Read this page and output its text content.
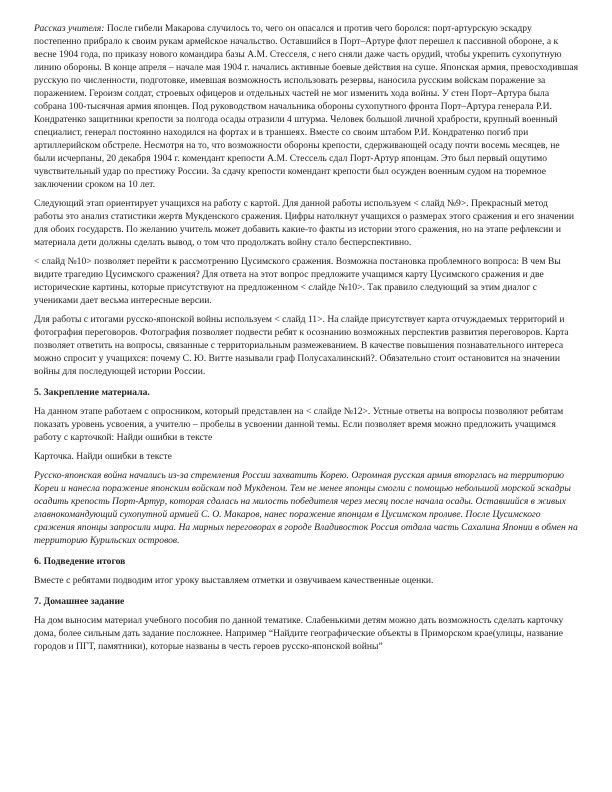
Рассказ учителя: После гибели Макарова случилось то, чего он опасался и против чего боролся: порт-артурскую эскадру постепенно прибрало к своим рукам армейское начальство. Оставшийся в Порт–Артуре флот перешел к пассивной обороне, а к весне 1904 года, по приказу нового командира базы А.М. Стесселя, с него сняли даже часть орудий, чтобы укрепить сухопутную линию обороны. В конце апреля – начале мая 1904 г. начались активные боевые действия на суше. Японская армия, превосходившая русскую по численности, подготовке, имевшая возможность использовать резервы, наносила русским войскам поражение за поражением. Героизм солдат, строевых офицеров и отдельных частей не мог изменить хода войны. У стен Порт–Артура была собрана 100-тысячная армия японцев. Под руководством начальника обороны сухопутного фронта Порт–Артура генерала Р.И. Кондратенко защитники крепости за полгода осады отразили 4 штурма. Человек большой личной храбрости, крупный военный специалист, генерал постоянно находился на фортах и в траншеях. Вместе со своим штабом Р.И. Кондратенко погиб при артиллерийском обстреле. Несмотря на то, что возможности обороны крепости, сдерживающей осаду почти восемь месяцев, не были исчерпаны, 20 декабря 1904 г. комендант крепости А.М. Стессель сдал Порт-Артур японцам. Это был первый ощутимо чувствительный удар по престижу России. За сдачу крепости комендант крепости был осужден военным судом на тюремное заключении сроком на 10 лет.

Следующий этап ориентирует учащихся на работу с картой. Для данной работы используем < слайд №9>. Прекрасный метод работы это анализ статистики жертв Мукденского сражения. Цифры натолкнут учащихся о размерах этого сражения и его значении для обоих государств. По желанию учитель может добавить какие-то факты из истории этого сражения, но на этапе рефлексии и материала дети должны сделать вывод, о том что продолжать войну стало бесперспективно.

< слайд №10> позволяет перейти к рассмотрению Цусимского сражения. Возможна постановка проблемного вопроса: В чем Вы видите трагедию Цусимского сражения? Для ответа на этот вопрос предложите учащимся карту Цусимского сражения и две исторические картины, которые присутствуют на предложенном < слайде №10>. Так правило следующий за этим диалог с учениками дает весьма интересные версии.

Для работы с итогами русско-японской войны используем < слайд 11>. На слайде присутствует карта отчуждаемых территорий и фотография переговоров. Фотография позволяет подвести ребят к осознанию возможных перспектив развития переговоров. Карта позволяет ответить на вопросы, связанные с территориальным размежеванием. В качестве повышения познавательного интереса можно спросит у учащихся: почему С. Ю. Витте называли граф Полусахалинский?. Обязательно стоит остановится на значении войны для последующей истории России.

5. Закрепление материала.

На данном этапе работаем с опросником, который представлен на < слайде №12>. Устные ответы на вопросы позволяют ребятам показать уровень усвоения, а учителю – пробелы в усвоении данной темы. Если позволяет время можно предложить учащимся работу с карточкой: Найди ошибки в тексте

Карточка. Найди ошибки в тексте

Русско-японская война начались из-за стремления России захватить Корею. Огромная русская армия вторглась на территорию Кореи и нанесла поражение японским войскам под Мукденом. Тем не менее японцы смогли с помощью небольшой морской эскадры осадить крепость Порт-Артур, которая сдалась на милость победителя через месяц после начала осады. Оставшийся в живых главнокомандующий сухопутной армией С. О. Макаров, нанес поражение японцам в Цусимском проливе. После Цусимского сражения японцы запросили мира. На мирных переговорах в городе Владивосток Россия отдала часть Сахалина Японии в обмен на территорию Курильских островов.

6. Подведение итогов

Вместе с ребятами подводим итог уроку выставляем отметки и озвучиваем качественные оценки.

7. Домашнее задание

На дом выносим материал учебного пособия по данной тематике. Слабенькими детям можно дать возможность сделать карточку дома, более сильным дать задание посложнее. Например “Найдите географические объекты в Приморском крае(улицы, название городов и ПГТ, памятники), которые названы в честь героев русско-японской войны”
